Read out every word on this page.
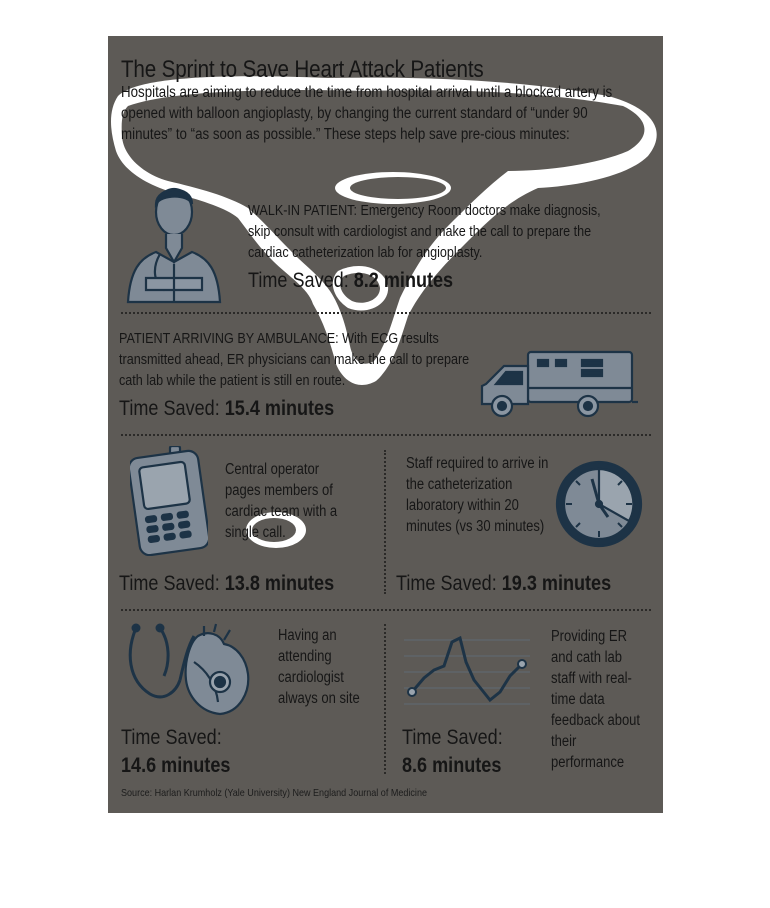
The Sprint to Save Heart Attack Patients

Hospitals are aiming to reduce the time from hospital arrival until a blocked artery is opened with balloon angioplasty, by changing the current standard of “under 90 minutes” to “as soon as possible.” These steps help save pre-cious minutes:

WALK-IN PATIENT: Emergency Room doctors make diagnosis, skip consult with cardiologist and make the call to prepare the cardiac catheterization lab for angioplasty.

Time Saved: 8.2 minutes

PATIENT ARRIVING BY AMBULANCE: With ECG results transmitted ahead, ER physicians can make the call to prepare cath lab while the patient is still en route.

Time Saved: 15.4 minutes

Central operator pages members of cardiac team with a single call.

Time Saved: 13.8 minutes

Staff required to arrive in the catheterization laboratory within 20 minutes (vs 30 minutes)

Time Saved: 19.3 minutes

Having an attending cardiologist always on site

Time Saved:
14.6 minutes

Providing ER and cath lab staff with real-time data feedback about their performance

Time Saved:
8.6 minutes

Source: Harlan Krumholz (Yale University) New England Journal of Medicine
